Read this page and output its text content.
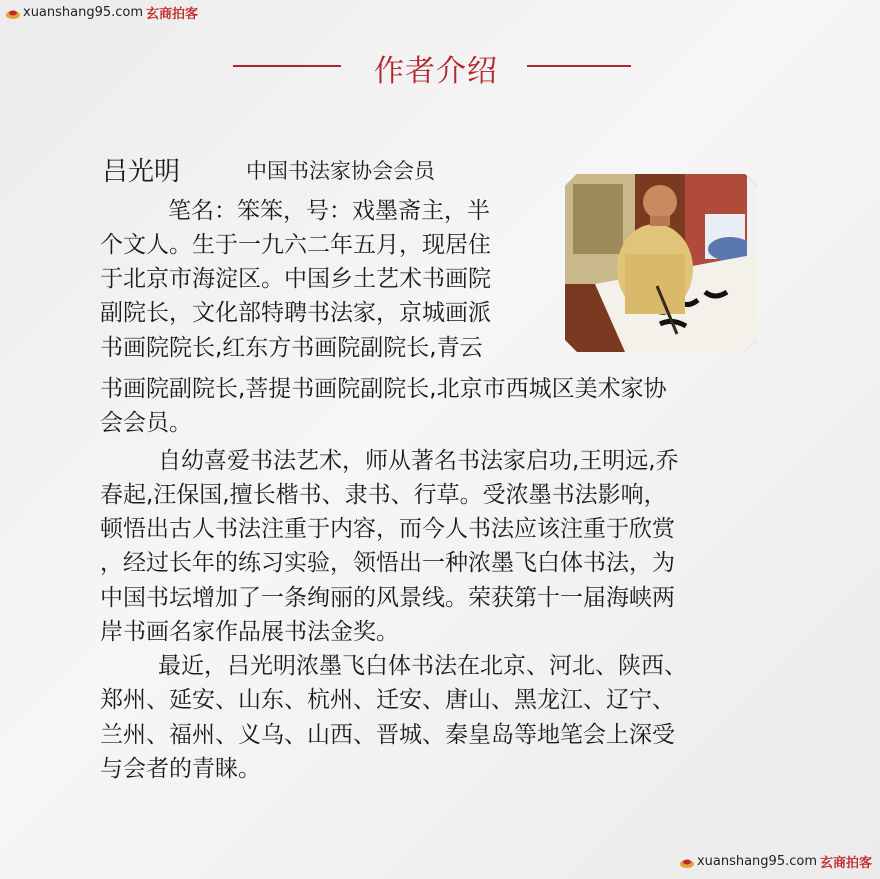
xuanshang95.com 玄商拍客
作者介绍
吕光明	中国书法家协会会员
笔名：笨笨，号：戏墨斋主，半
个文人。生于一九六二年五月，现居住
于北京市海淀区。中国乡土艺术书画院
副院长，文化部特聘书法家，京城画派
书画院院长,红东方书画院副院长,青云
书画院副院长,菩提书画院副院长,北京市西城区美术家协
会会员。
自幼喜爱书法艺术，师从著名书法家启功,王明远,乔
春起,汪保国,擅长楷书、隶书、行草。受浓墨书法影响，
顿悟出古人书法注重于内容，而今人书法应该注重于欣赏
，经过长年的练习实验，领悟出一种浓墨飞白体书法，为
中国书坛增加了一条绚丽的风景线。荣获第十一届海峡两
岸书画名家作品展书法金奖。
最近，吕光明浓墨飞白体书法在北京、河北、陕西、
郑州、延安、山东、杭州、迁安、唐山、黑龙江、辽宁、
兰州、福州、义乌、山西、晋城、秦皇岛等地笔会上深受
与会者的青睐。
xuanshang95.com 玄商拍客
